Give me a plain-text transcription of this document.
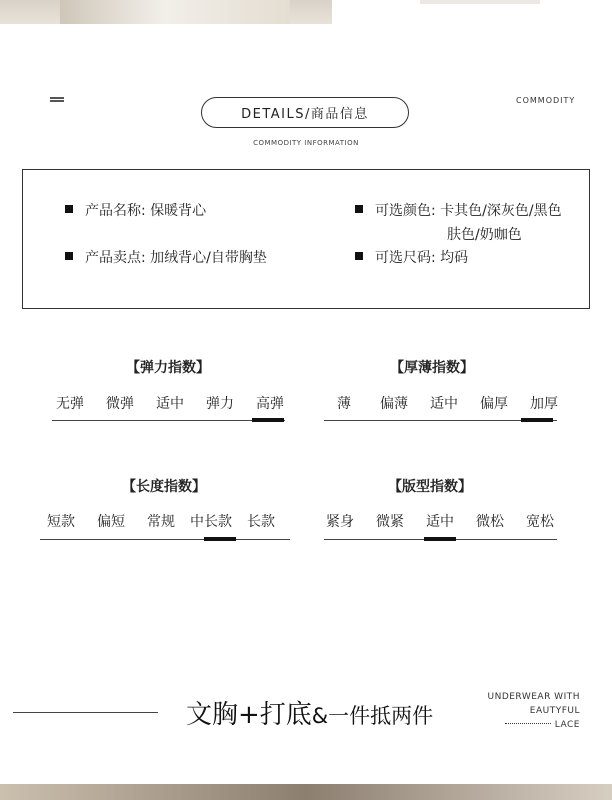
COMMODITY
DETAILS/商品信息
COMMODITY INFORMATION
产品名称: 保暖背心
产品卖点: 加绒背心/自带胸垫
可选颜色: 卡其色/深灰色/黑色
肤色/奶咖色
可选尺码: 均码
【弹力指数】
无弹	微弹	适中	弹力	高弹
【厚薄指数】
薄	偏薄	适中	偏厚	加厚
【长度指数】
短款	偏短	常规	中长款	长款
【版型指数】
紧身	微紧	适中	微松	宽松
文胸+打底&一件抵两件
UNDERWEAR WITH
EAUTYFUL
LACE
